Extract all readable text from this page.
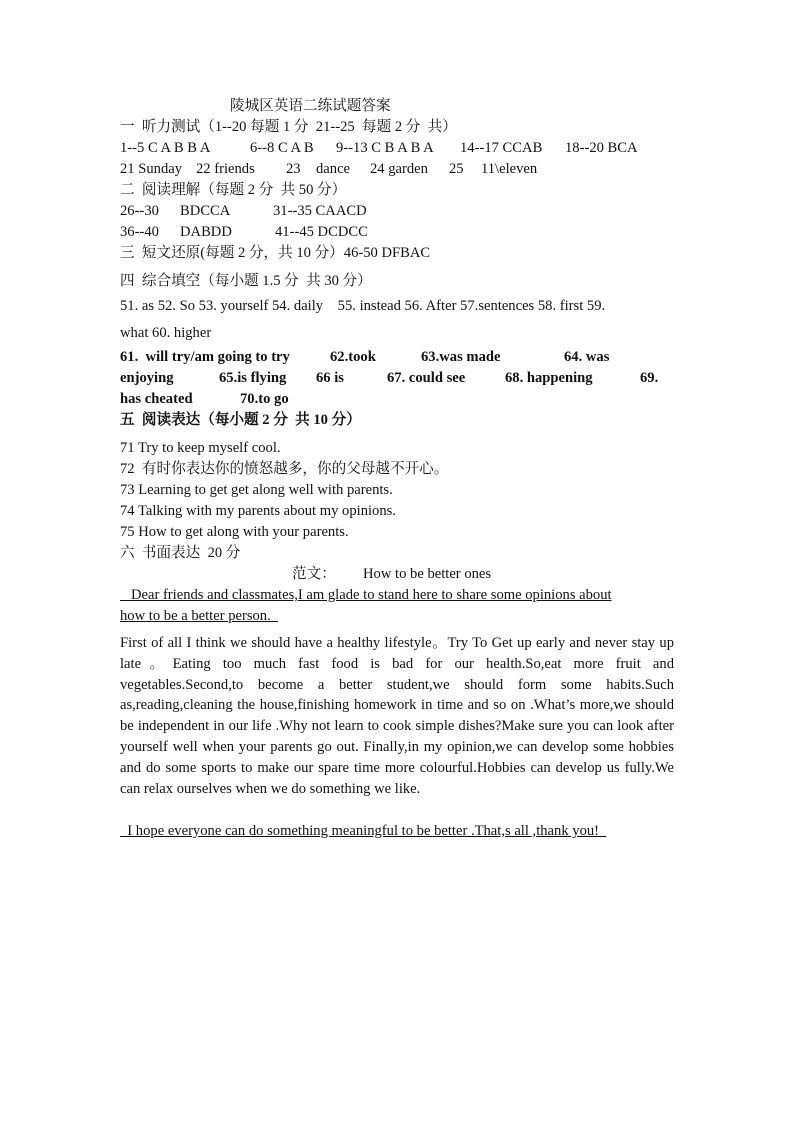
陵城区英语二练试题答案
一  听力测试（1--20 每题 1 分  21--25  每题 2 分  共）
1--5 C A B B A	6--8 C A B 9--13 C B A B A 14--17 CCAB 18--20 BCA
21 Sunday 22 friends 23 dance 24 garden 25 11\eleven
二  阅读理解（每题 2 分  共 50 分）
26--30 BDCCA	31--35 CAACD
36--40 DABDD	41--45 DCDCC
三  短文还原(每题 2 分，共 10 分）46-50 DFBAC
四  综合填空（每小题 1.5 分  共 30 分）
51. as 52. So 53. yourself 54. daily    55. instead 56. After 57.sentences 58. first 59.
what 60. higher
61.  will try/am going to try	62.took	63.was made	64. was
enjoying	65.is flying 66 is	67. could see	68. happening	69.
has cheated	70.to go
五  阅读表达（每小题 2 分  共 10 分）
71 Try to keep myself cool.
72  有时你表达你的愤怒越多，你的父母越不开心。
73 Learning to get get along well with parents.
74 Talking with my parents about my opinions.
75 How to get along with your parents.
六  书面表达  20 分
范文： How to be better ones
Dear friends and classmates,I am glade to stand here to share some opinions about
how to be a better person.
First of all I think we should have a healthy lifestyle。Try To Get up early and never stay up late。Eating too much fast food is bad for our health.So,eat more fruit and vegetables.Second,to become a better student,we should form some habits.Such as,reading,cleaning the house,finishing homework in time and so on .What’s more,we should be independent in our life .Why not learn to cook simple dishes?Make sure you can look after yourself well when your parents go out. Finally,in my opinion,we can develop some hobbies and do some sports to make our spare time more colourful.Hobbies can develop us fully.We can relax ourselves when we do something we like.
I hope everyone can do something meaningful to be better .That,s all ,thank you!
